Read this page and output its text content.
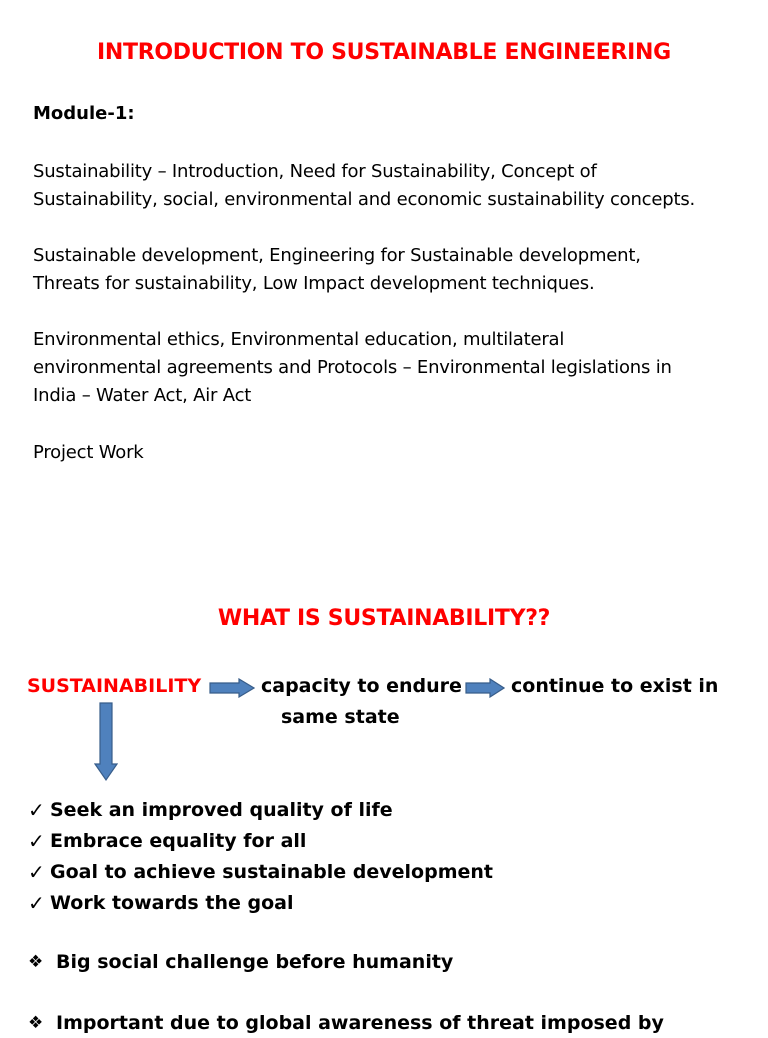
INTRODUCTION TO SUSTAINABLE ENGINEERING
Module-1:

Sustainability – Introduction, Need for Sustainability, Concept of

Sustainability, social, environmental and economic sustainability concepts.

Sustainable development, Engineering for Sustainable development,

Threats for sustainability, Low Impact development techniques.

Environmental ethics, Environmental education, multilateral

environmental agreements and Protocols – Environmental legislations in

India – Water Act, Air Act

Project Work

WHAT IS SUSTAINABILITY??
SUSTAINABILITY	capacity to endure	continue to exist in
same state
✓ Seek an improved quality of life
✓ Embrace equality for all
✓ Goal to achieve sustainable development
✓ Work towards the goal
❖ Big social challenge before humanity
❖ Important due to global awareness of threat imposed by
